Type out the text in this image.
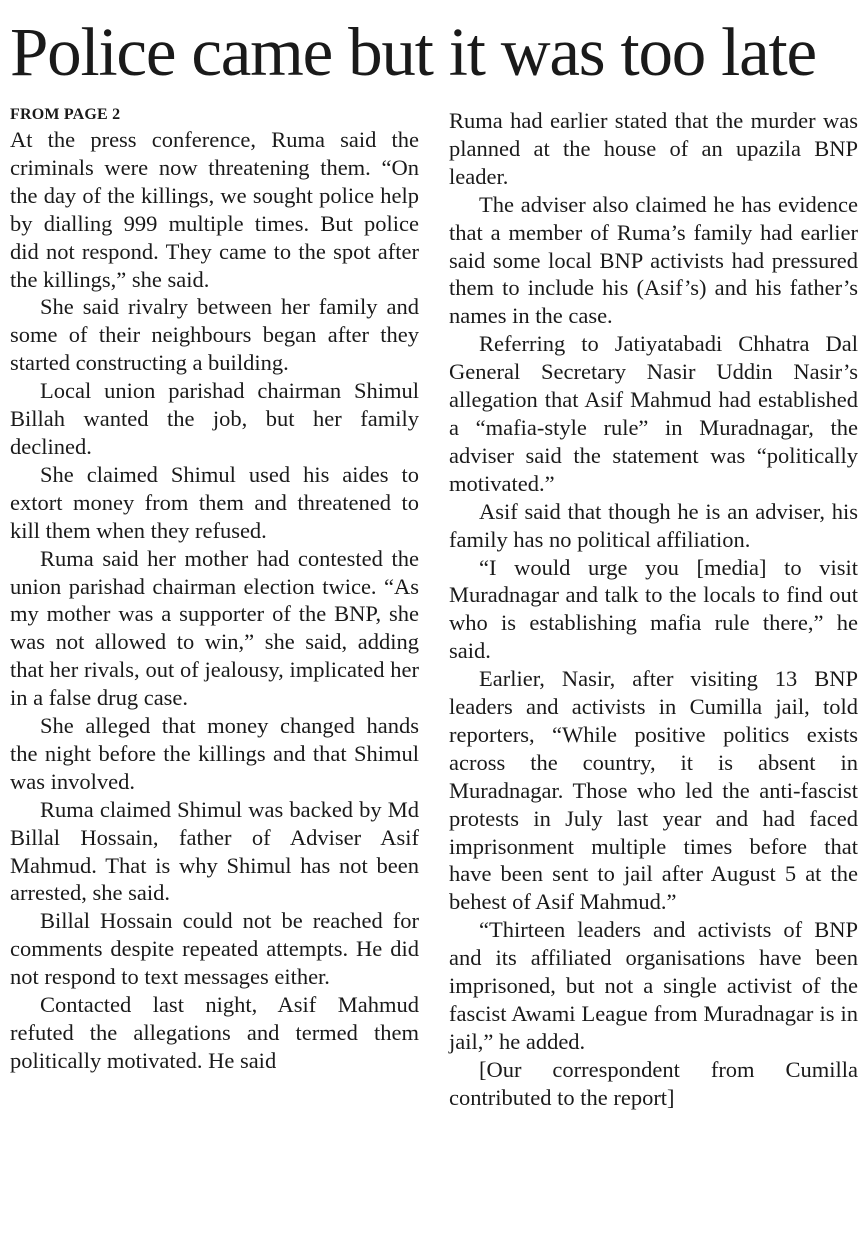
Police came but it was too late
FROM PAGE 2

At the press conference, Ruma said the criminals were now threatening them. “On the day of the killings, we sought police help by dialling 999 multiple times. But police did not respond. They came to the spot after the killings,” she said.

She said rivalry between her family and some of their neighbours began after they started constructing a building.

Local union parishad chairman Shimul Billah wanted the job, but her family declined.

She claimed Shimul used his aides to extort money from them and threatened to kill them when they refused.

Ruma said her mother had contested the union parishad chairman election twice. “As my mother was a supporter of the BNP, she was not allowed to win,” she said, adding that her rivals, out of jealousy, implicated her in a false drug case.

She alleged that money changed hands the night before the killings and that Shimul was involved.

Ruma claimed Shimul was backed by Md Billal Hossain, father of Adviser Asif Mahmud. That is why Shimul has not been arrested, she said.

Billal Hossain could not be reached for comments despite repeated attempts. He did not respond to text messages either.

Contacted last night, Asif Mahmud refuted the allegations and termed them politically motivated. He said

Ruma had earlier stated that the murder was planned at the house of an upazila BNP leader.

The adviser also claimed he has evidence that a member of Ruma’s family had earlier said some local BNP activists had pressured them to include his (Asif’s) and his father’s names in the case.

Referring to Jatiyatabadi Chhatra Dal General Secretary Nasir Uddin Nasir’s allegation that Asif Mahmud had established a “mafia-style rule” in Muradnagar, the adviser said the statement was “politically motivated.”

Asif said that though he is an adviser, his family has no political affiliation.

“I would urge you [media] to visit Muradnagar and talk to the locals to find out who is establishing mafia rule there,” he said.

Earlier, Nasir, after visiting 13 BNP leaders and activists in Cumilla jail, told reporters, “While positive politics exists across the country, it is absent in Muradnagar. Those who led the anti-fascist protests in July last year and had faced imprisonment multiple times before that have been sent to jail after August 5 at the behest of Asif Mahmud.”

“Thirteen leaders and activists of BNP and its affiliated organisations have been imprisoned, but not a single activist of the fascist Awami League from Muradnagar is in jail,” he added.

[Our correspondent from Cumilla contributed to the report]
